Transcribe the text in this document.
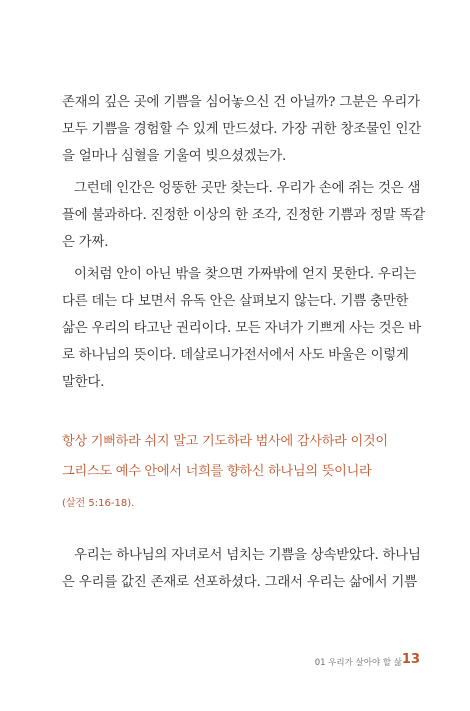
존재의 깊은 곳에 기쁨을 심어놓으신 건 아닐까? 그분은 우리가
모두 기쁨을 경험할 수 있게 만드셨다. 가장 귀한 창조물인 인간
을 얼마나 심혈을 기울여 빚으셨겠는가.
그런데 인간은 엉뚱한 곳만 찾는다. 우리가 손에 쥐는 것은 샘
플에 불과하다. 진정한 이상의 한 조각, 진정한 기쁨과 정말 똑같
은 가짜.
이처럼 안이 아닌 밖을 찾으면 가짜밖에 얻지 못한다. 우리는
다른 데는 다 보면서 유독 안은 살펴보지 않는다. 기쁨 충만한
삶은 우리의 타고난 권리이다. 모든 자녀가 기쁘게 사는 것은 바
로 하나님의 뜻이다. 데살로니가전서에서 사도 바울은 이렇게
말한다.
항상 기뻐하라 쉬지 말고 기도하라 범사에 감사하라 이것이
그리스도 예수 안에서 너희를 향하신 하나님의 뜻이니라
(살전 5:16-18).
우리는 하나님의 자녀로서 넘치는 기쁨을 상속받았다. 하나님
은 우리를 값진 존재로 선포하셨다. 그래서 우리는 삶에서 기쁨
01 우리가 살아야 할 삶 13
